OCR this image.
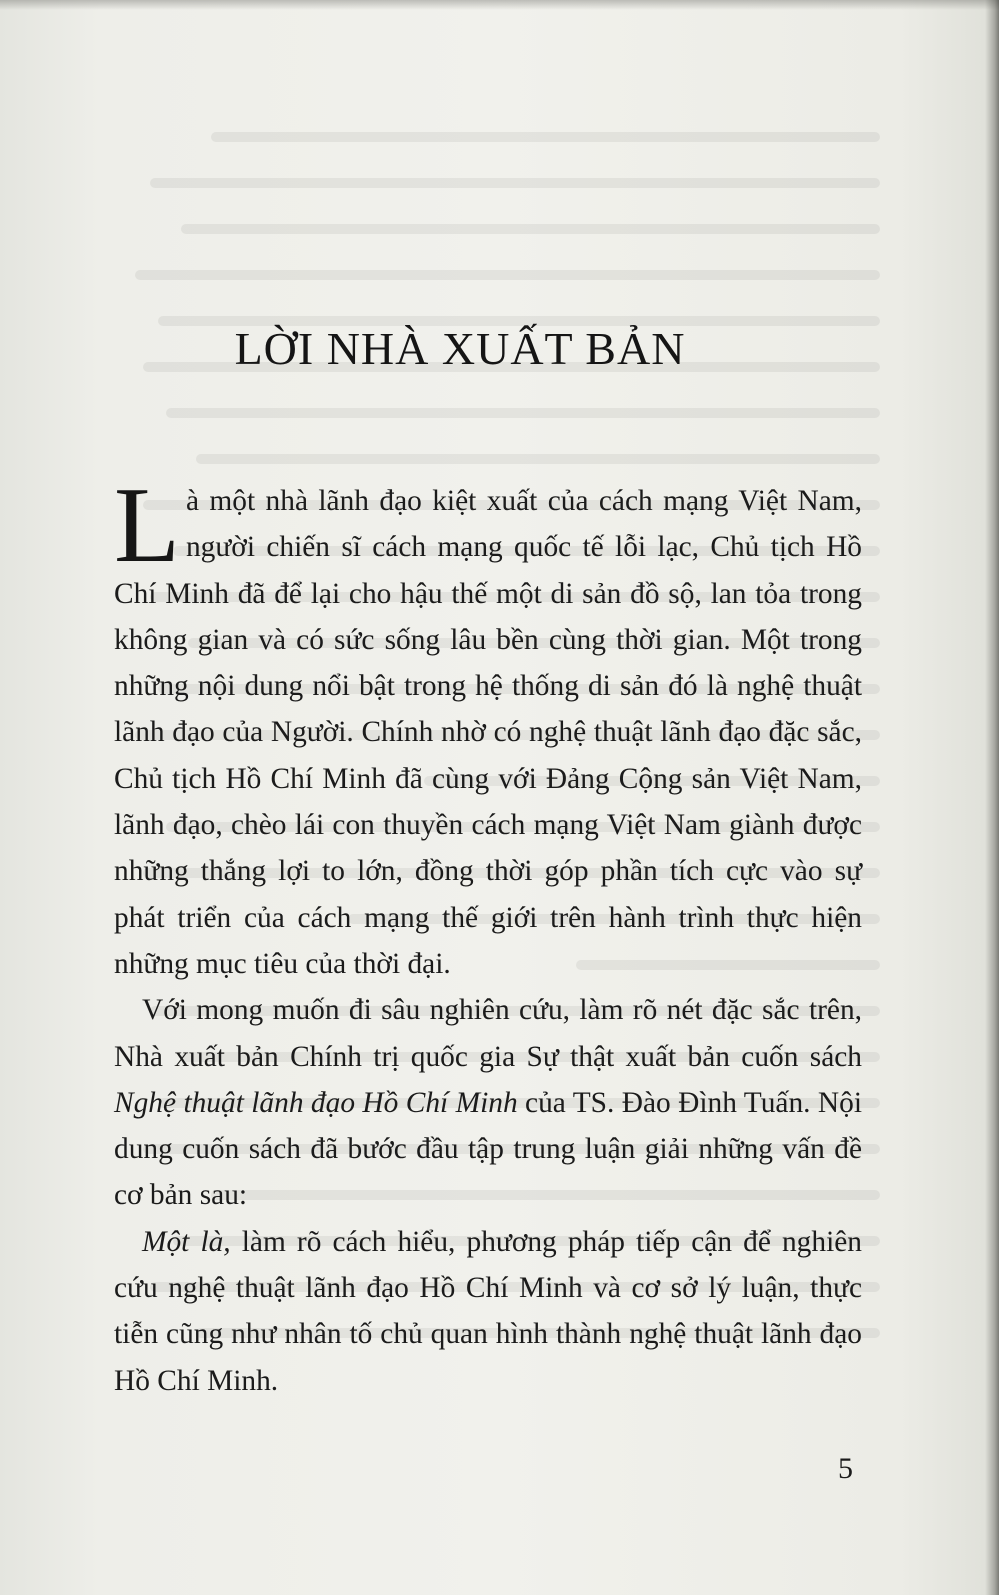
LỜI NHÀ XUẤT BẢN

Là một nhà lãnh đạo kiệt xuất của cách mạng Việt Nam, người chiến sĩ cách mạng quốc tế lỗi lạc, Chủ tịch Hồ Chí Minh đã để lại cho hậu thế một di sản đồ sộ, lan tỏa trong không gian và có sức sống lâu bền cùng thời gian. Một trong những nội dung nổi bật trong hệ thống di sản đó là nghệ thuật lãnh đạo của Người. Chính nhờ có nghệ thuật lãnh đạo đặc sắc, Chủ tịch Hồ Chí Minh đã cùng với Đảng Cộng sản Việt Nam, lãnh đạo, chèo lái con thuyền cách mạng Việt Nam giành được những thắng lợi to lớn, đồng thời góp phần tích cực vào sự phát triển của cách mạng thế giới trên hành trình thực hiện những mục tiêu của thời đại.

Với mong muốn đi sâu nghiên cứu, làm rõ nét đặc sắc trên, Nhà xuất bản Chính trị quốc gia Sự thật xuất bản cuốn sách Nghệ thuật lãnh đạo Hồ Chí Minh của TS. Đào Đình Tuấn. Nội dung cuốn sách đã bước đầu tập trung luận giải những vấn đề cơ bản sau:

Một là, làm rõ cách hiểu, phương pháp tiếp cận để nghiên cứu nghệ thuật lãnh đạo Hồ Chí Minh và cơ sở lý luận, thực tiễn cũng như nhân tố chủ quan hình thành nghệ thuật lãnh đạo Hồ Chí Minh.

5
